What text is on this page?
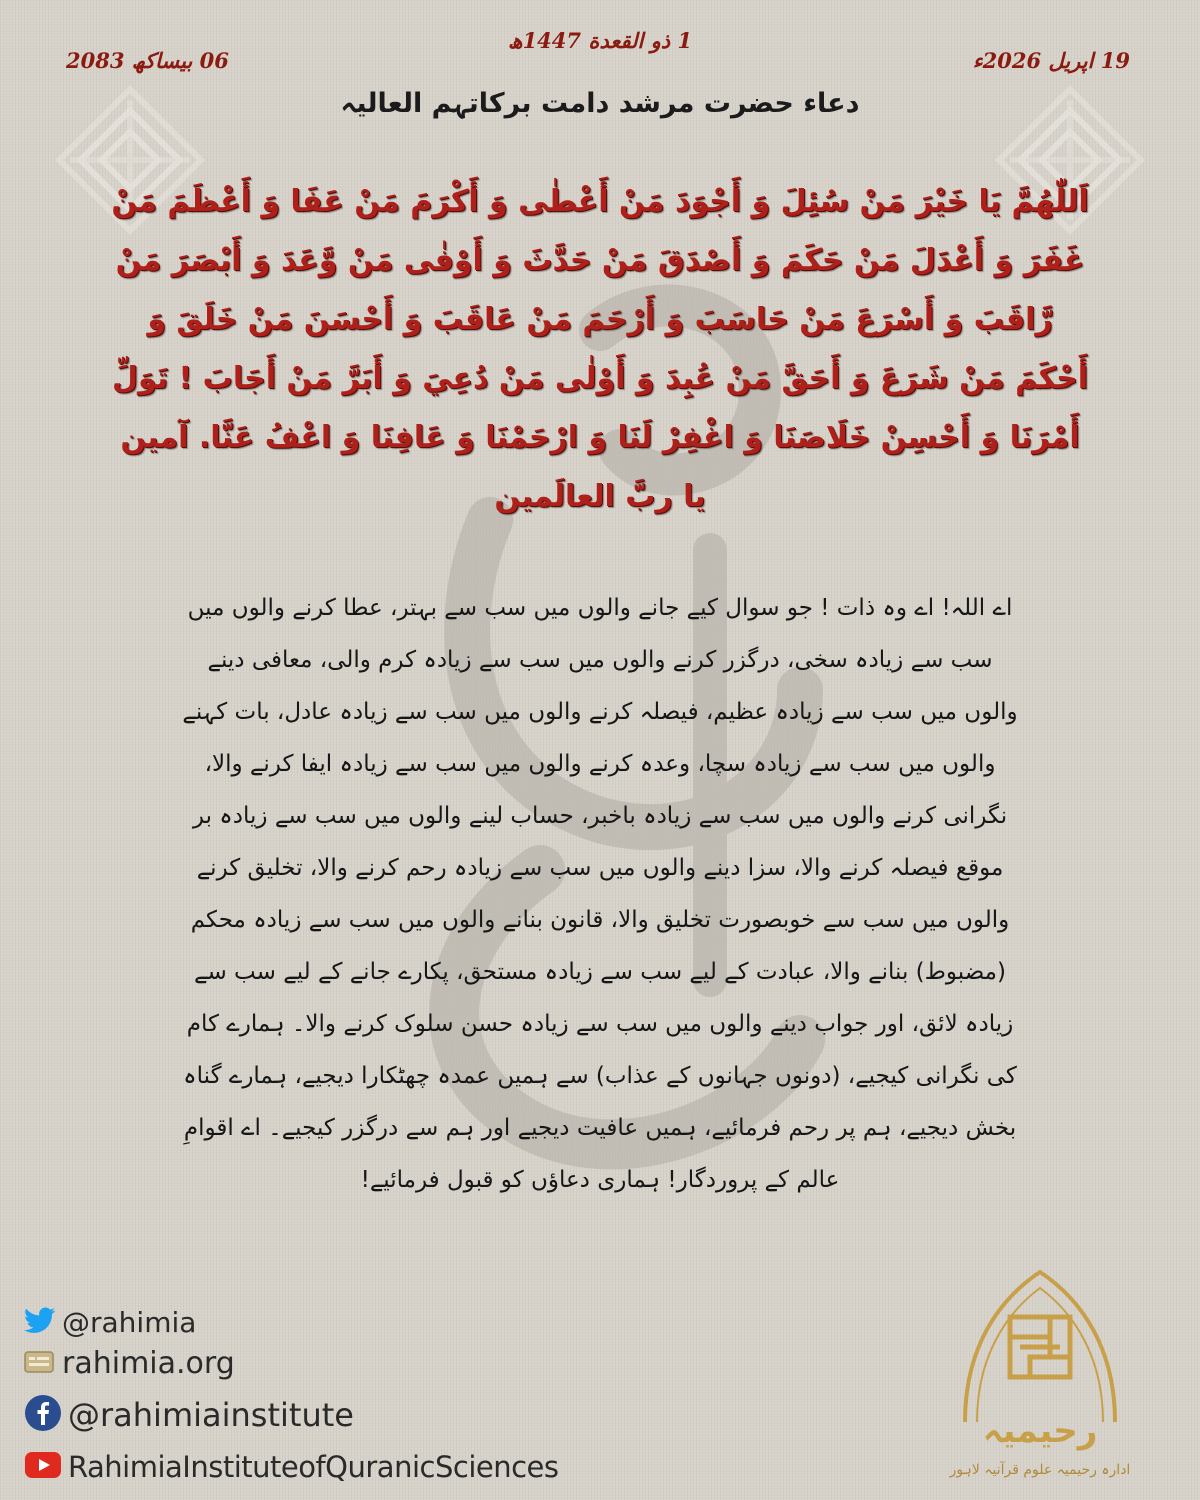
1 ذو القعدة 1447ھ
19 اپریل 2026ء
06 بیساکھ 2083
دعاء حضرت مرشد دامت برکاتہم العالیہ
اَللّٰھُمَّ يَا خَيْرَ مَنْ سُئِلَ وَ أَجْوَدَ مَنْ أَعْطٰى وَ أَكْرَمَ مَنْ عَفَا وَ أَعْظَمَ مَنْ غَفَرَ وَ أَعْدَلَ مَنْ حَكَمَ وَ أَصْدَقَ مَنْ حَدَّثَ وَ أَوْفٰى مَنْ وَّعَدَ وَ أَبْصَرَ مَنْ رَّاقَبَ وَ أَسْرَعَ مَنْ حَاسَبَ وَ أَرْحَمَ مَنْ عَاقَبَ وَ أَحْسَنَ مَنْ خَلَقَ وَ أَحْكَمَ مَنْ شَرَعَ وَ أَحَقَّ مَنْ عُبِدَ وَ أَوْلٰى مَنْ دُعِيَ وَ أَبَرَّ مَنْ أَجَابَ ! تَوَلِّ أَمْرَنَا وَ أَحْسِنْ خَلَاصَنَا وَ اغْفِرْ لَنَا وَ ارْحَمْنَا وَ عَافِنَا وَ اعْفُ عَنَّا. آمین یا ربَّ العالَمین
اے اللہ! اے وہ ذات ! جو سوال کیے جانے والوں میں سب سے بہتر، عطا کرنے والوں میں سب سے زیادہ سخی، درگزر کرنے والوں میں سب سے زیادہ کرم والی، معافی دینے والوں میں سب سے زیادہ عظیم، فیصلہ کرنے والوں میں سب سے زیادہ عادل، بات کہنے والوں میں سب سے زیادہ سچا، وعدہ کرنے والوں میں سب سے زیادہ ایفا کرنے والا، نگرانی کرنے والوں میں سب سے زیادہ باخبر، حساب لینے والوں میں سب سے زیادہ بر موقع فیصلہ کرنے والا، سزا دینے والوں میں سب سے زیادہ رحم کرنے والا، تخلیق کرنے والوں میں سب سے خوبصورت تخلیق والا، قانون بنانے والوں میں سب سے زیادہ محکم (مضبوط) بنانے والا، عبادت کے لیے سب سے زیادہ مستحق، پکارے جانے کے لیے سب سے زیادہ لائق، اور جواب دینے والوں میں سب سے زیادہ حسن سلوک کرنے والا۔ ہمارے کام کی نگرانی کیجیے، (دونوں جہانوں کے عذاب) سے ہمیں عمدہ چھٹکارا دیجیے، ہمارے گناہ بخش دیجیے، ہم پر رحم فرمائیے، ہمیں عافیت دیجیے اور ہم سے درگزر کیجیے۔ اے اقوامِ عالم کے پروردگار! ہماری دعاؤں کو قبول فرمائیے!
@rahimia
rahimia.org
@rahimiainstitute
RahimiaInstituteofQuranicSciences
رحیمیہ
ادارہ رحیمیہ علوم قرآنیہ لاہور
